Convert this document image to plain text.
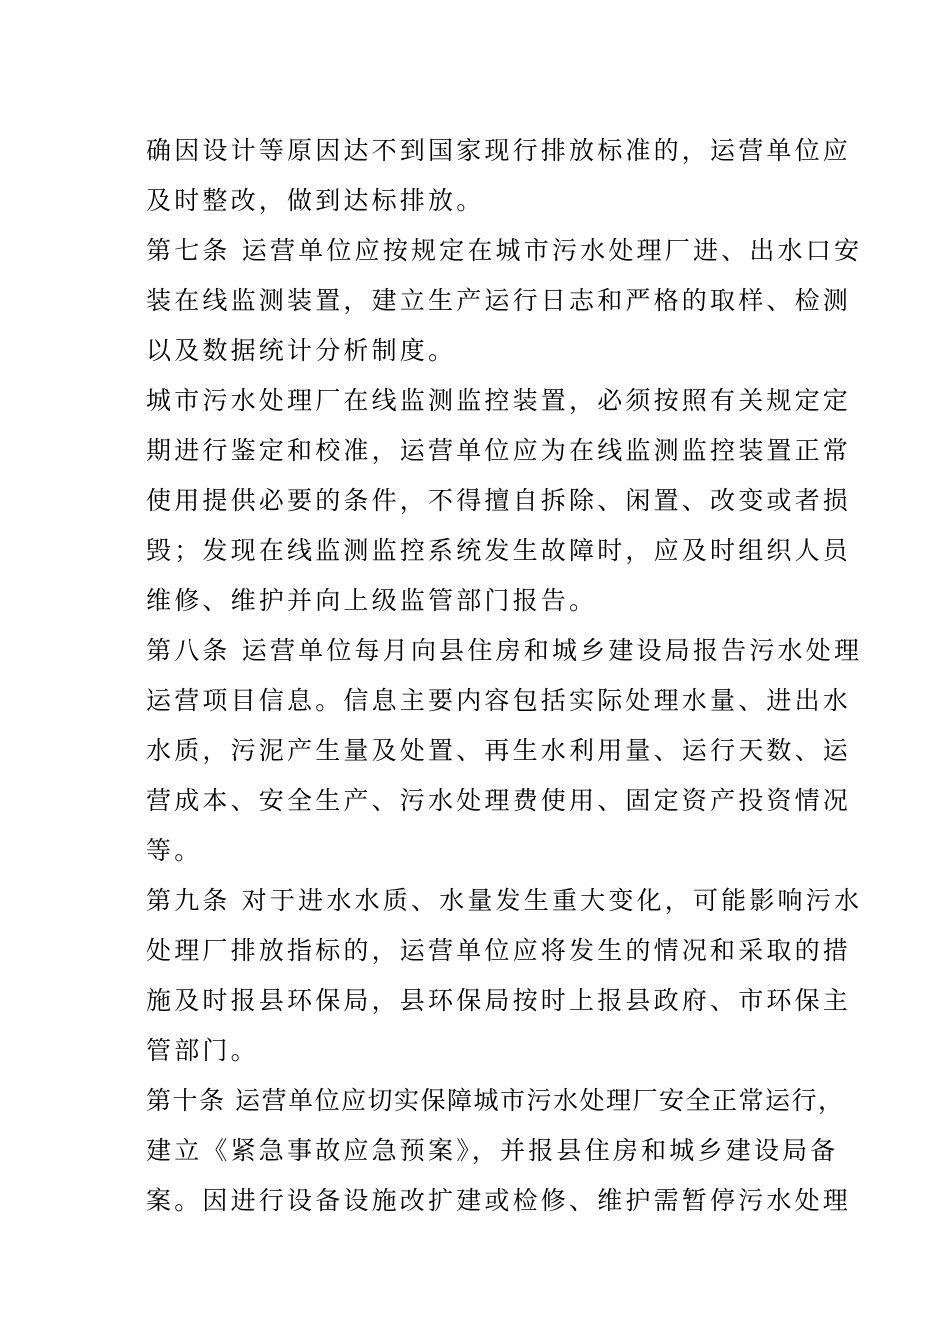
确因设计等原因达不到国家现行排放标准的，运营单位应
及时整改，做到达标排放。
第七条 运营单位应按规定在城市污水处理厂进、出水口安
装在线监测装置，建立生产运行日志和严格的取样、检测
以及数据统计分析制度。
城市污水处理厂在线监测监控装置，必须按照有关规定定
期进行鉴定和校准，运营单位应为在线监测监控装置正常
使用提供必要的条件，不得擅自拆除、闲置、改变或者损
毁；发现在线监测监控系统发生故障时，应及时组织人员
维修、维护并向上级监管部门报告。
第八条 运营单位每月向县住房和城乡建设局报告污水处理
运营项目信息。信息主要内容包括实际处理水量、进出水
水质，污泥产生量及处置、再生水利用量、运行天数、运
营成本、安全生产、污水处理费使用、固定资产投资情况
等。
第九条 对于进水水质、水量发生重大变化，可能影响污水
处理厂排放指标的，运营单位应将发生的情况和采取的措
施及时报县环保局，县环保局按时上报县政府、市环保主
管部门。
第十条 运营单位应切实保障城市污水处理厂安全正常运行，
建立《紧急事故应急预案》，并报县住房和城乡建设局备
案。因进行设备设施改扩建或检修、维护需暂停污水处理
